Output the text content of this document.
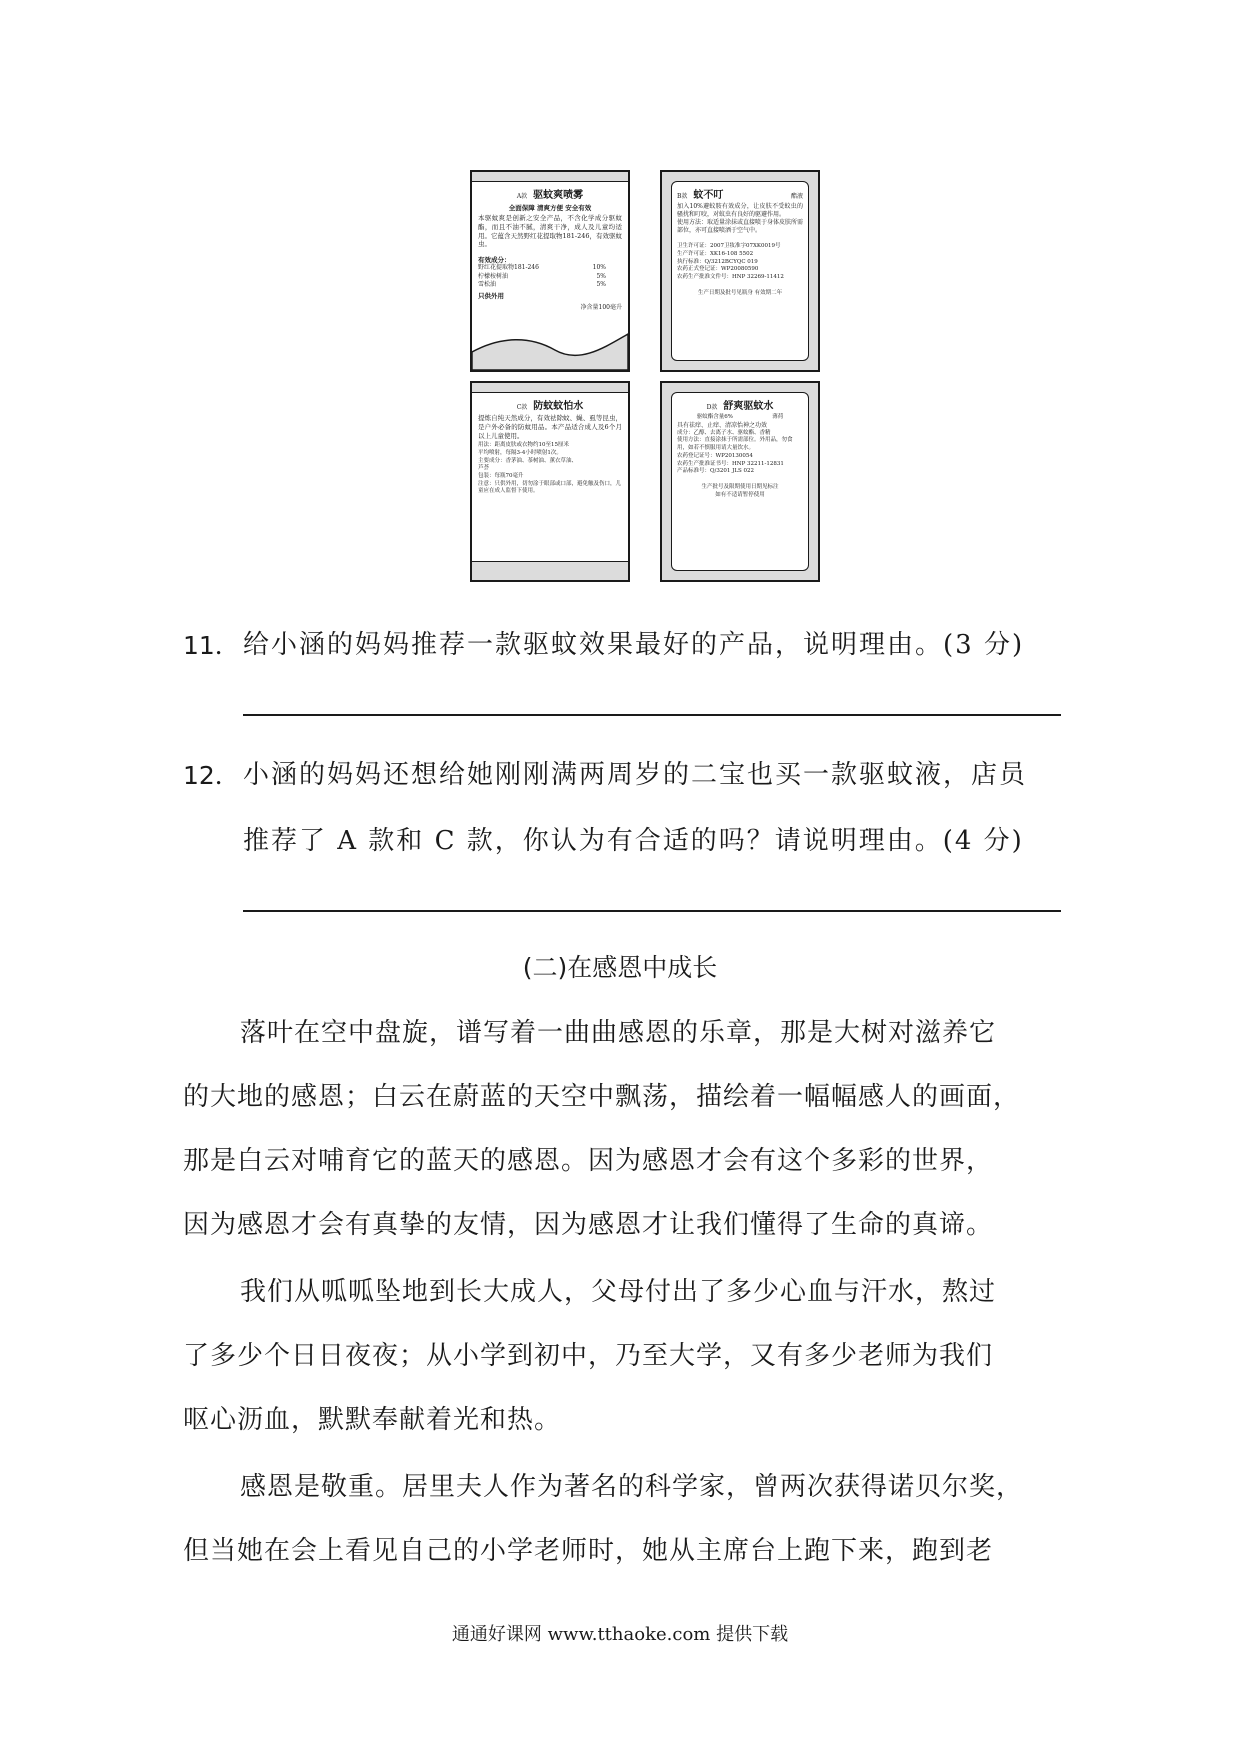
A款 驱蚊爽喷雾
全面保障 清爽方便 安全有效
本驱蚊爽是创新之安全产品，不含化学成分驱蚊酯，而且不油不腻，清爽干净，成人及儿童均适用。它蕴含天然野红花提取物181-246，有效驱蚊虫。
有效成分：
野红花提取物181-246	10%
柠檬桉树油	5%
雪松油	5%
只供外用
净含量100毫升
B款 蚊不叮	酯液
加入10%避蚊胺有效成分，让皮肤不受蚊虫的骚扰和叮咬，对蚊虫有良好的驱避作用。
使用方法：取适量涂抹或直接喷于身体皮肤所需部位，亦可直接喷洒于空气中。
卫生许可证：2007卫妆准字07XK0019号
生产许可证：XK16-108 5502
执行标准：Q/3212BCYQC 019
农药正式登记证：WP20080590
农药生产批准文件号：HNP 32269-11412
生产日期及批号见瓶身 有效期二年
C款 防蚊蚊怕水
提炼自纯天然成分，有效祛除蚊、蝇、虱等昆虫，是户外必备的防蚊用品。本产品适合成人及6个月以上儿童使用。
用法：距离皮肤或衣物约10至15厘米
平均喷射，每隔3-4小时喷射1次。
主要成分：香茅油、茶树油、薰衣草油、
芦荟
包装：每瓶70毫升
注意：只供外用，切勿涂于眼部或口部，避免触及伤口，儿童应在成人监督下使用。
D款 舒爽驱蚊水
驱蚊酯含量6%	薄荷
具有祛痒、止痒、清凉怡神之功效
成分：乙醇、去离子水、驱蚊酯、香精
使用方法：直接涂抹于所需部位。外用品，勿食用，如若不慎服用请大量饮水。
农药登记证号：WP20130054
农药生产批准证书号：HNP 32211-12831
产品标准号：Q/3201 JLS 022
生产批号及限期使用日期见标注
如有不适请暂停使用
11． 给小涵的妈妈推荐一款驱蚊效果最好的产品，说明理由。(3 分)
12． 小涵的妈妈还想给她刚刚满两周岁的二宝也买一款驱蚊液，店员
推荐了 A 款和 C 款，你认为有合适的吗？请说明理由。(4 分)
(二)在感恩中成长
落叶在空中盘旋，谱写着一曲曲感恩的乐章，那是大树对滋养它
的大地的感恩；白云在蔚蓝的天空中飘荡，描绘着一幅幅感人的画面，
那是白云对哺育它的蓝天的感恩。因为感恩才会有这个多彩的世界，
因为感恩才会有真挚的友情，因为感恩才让我们懂得了生命的真谛。
我们从呱呱坠地到长大成人，父母付出了多少心血与汗水，熬过
了多少个日日夜夜；从小学到初中，乃至大学，又有多少老师为我们
呕心沥血，默默奉献着光和热。
感恩是敬重。居里夫人作为著名的科学家，曾两次获得诺贝尔奖，
但当她在会上看见自己的小学老师时，她从主席台上跑下来，跑到老
通通好课网 www.tthaoke.com 提供下载
